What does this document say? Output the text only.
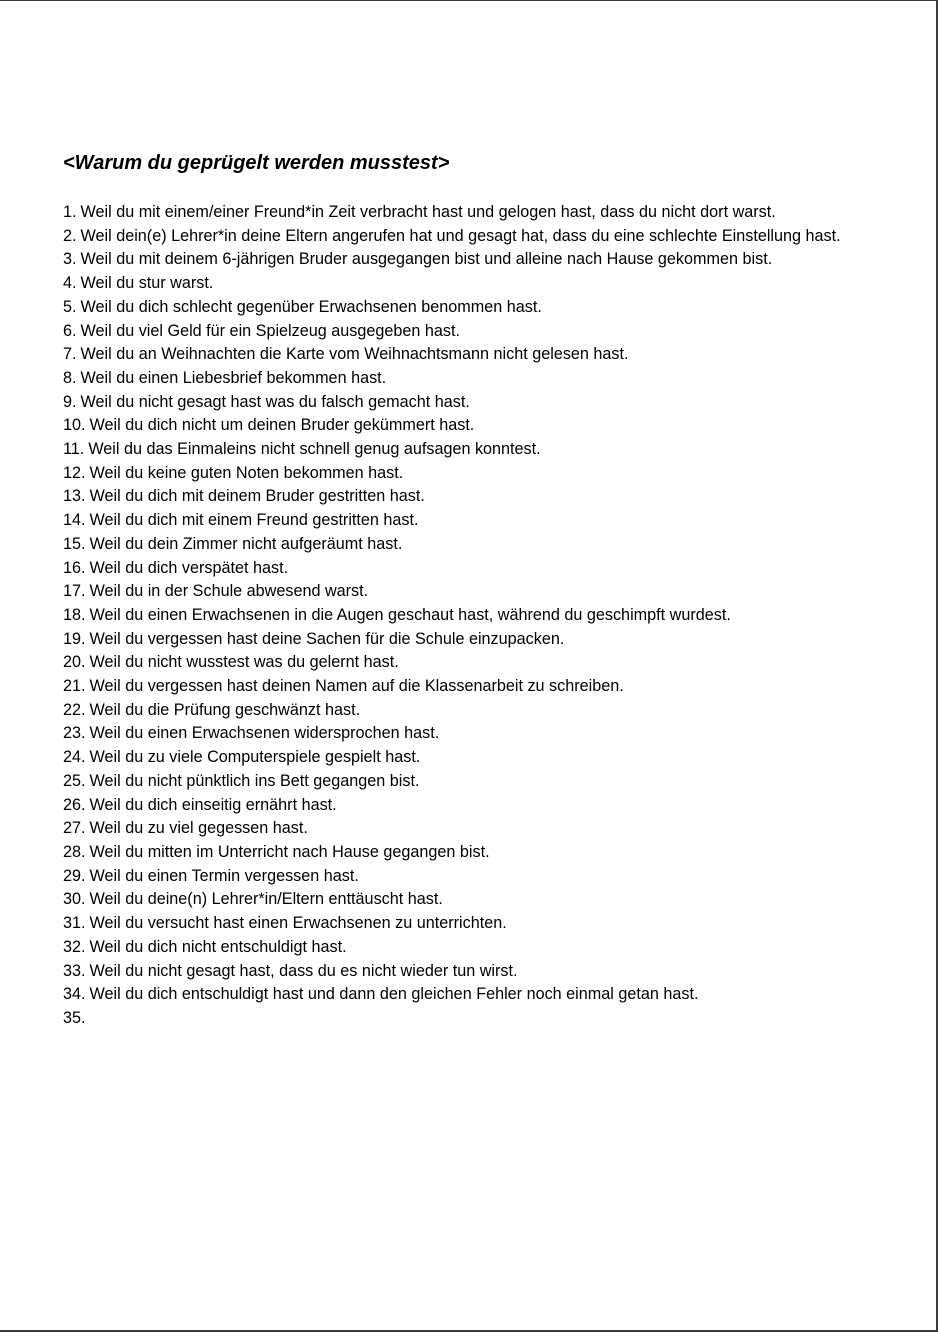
<Warum du geprügelt werden musstest>
1. Weil du mit einem/einer Freund*in Zeit verbracht hast und gelogen hast, dass du nicht dort warst.
2. Weil dein(e) Lehrer*in deine Eltern angerufen hat und gesagt hat, dass du eine schlechte Einstellung hast.
3. Weil du mit deinem 6-jährigen Bruder ausgegangen bist und alleine nach Hause gekommen bist.
4. Weil du stur warst.
5. Weil du dich schlecht gegenüber Erwachsenen benommen hast.
6. Weil du viel Geld für ein Spielzeug ausgegeben hast.
7. Weil du an Weihnachten die Karte vom Weihnachtsmann nicht gelesen hast.
8. Weil du einen Liebesbrief bekommen hast.
9. Weil du nicht gesagt hast was du falsch gemacht hast.
10. Weil du dich nicht um deinen Bruder gekümmert hast.
11. Weil du das Einmaleins nicht schnell genug aufsagen konntest.
12. Weil du keine guten Noten bekommen hast.
13. Weil du dich mit deinem Bruder gestritten hast.
14. Weil du dich mit einem Freund gestritten hast.
15. Weil du dein Zimmer nicht aufgeräumt hast.
16. Weil du dich verspätet hast.
17. Weil du in der Schule abwesend warst.
18. Weil du einen Erwachsenen in die Augen geschaut hast, während du geschimpft wurdest.
19. Weil du vergessen hast deine Sachen für die Schule einzupacken.
20. Weil du nicht wusstest was du gelernt hast.
21. Weil du vergessen hast deinen Namen auf die Klassenarbeit zu schreiben.
22. Weil du die Prüfung geschwänzt hast.
23. Weil du einen Erwachsenen widersprochen hast.
24. Weil du zu viele Computerspiele gespielt hast.
25. Weil du nicht pünktlich ins Bett gegangen bist.
26. Weil du dich einseitig ernährt hast.
27. Weil du zu viel gegessen hast.
28. Weil du mitten im Unterricht nach Hause gegangen bist.
29. Weil du einen Termin vergessen hast.
30. Weil du deine(n) Lehrer*in/Eltern enttäuscht hast.
31. Weil du versucht hast einen Erwachsenen zu unterrichten.
32. Weil du dich nicht entschuldigt hast.
33. Weil du nicht gesagt hast, dass du es nicht wieder tun wirst.
34. Weil du dich entschuldigt hast und dann den gleichen Fehler noch einmal getan hast.
35.
